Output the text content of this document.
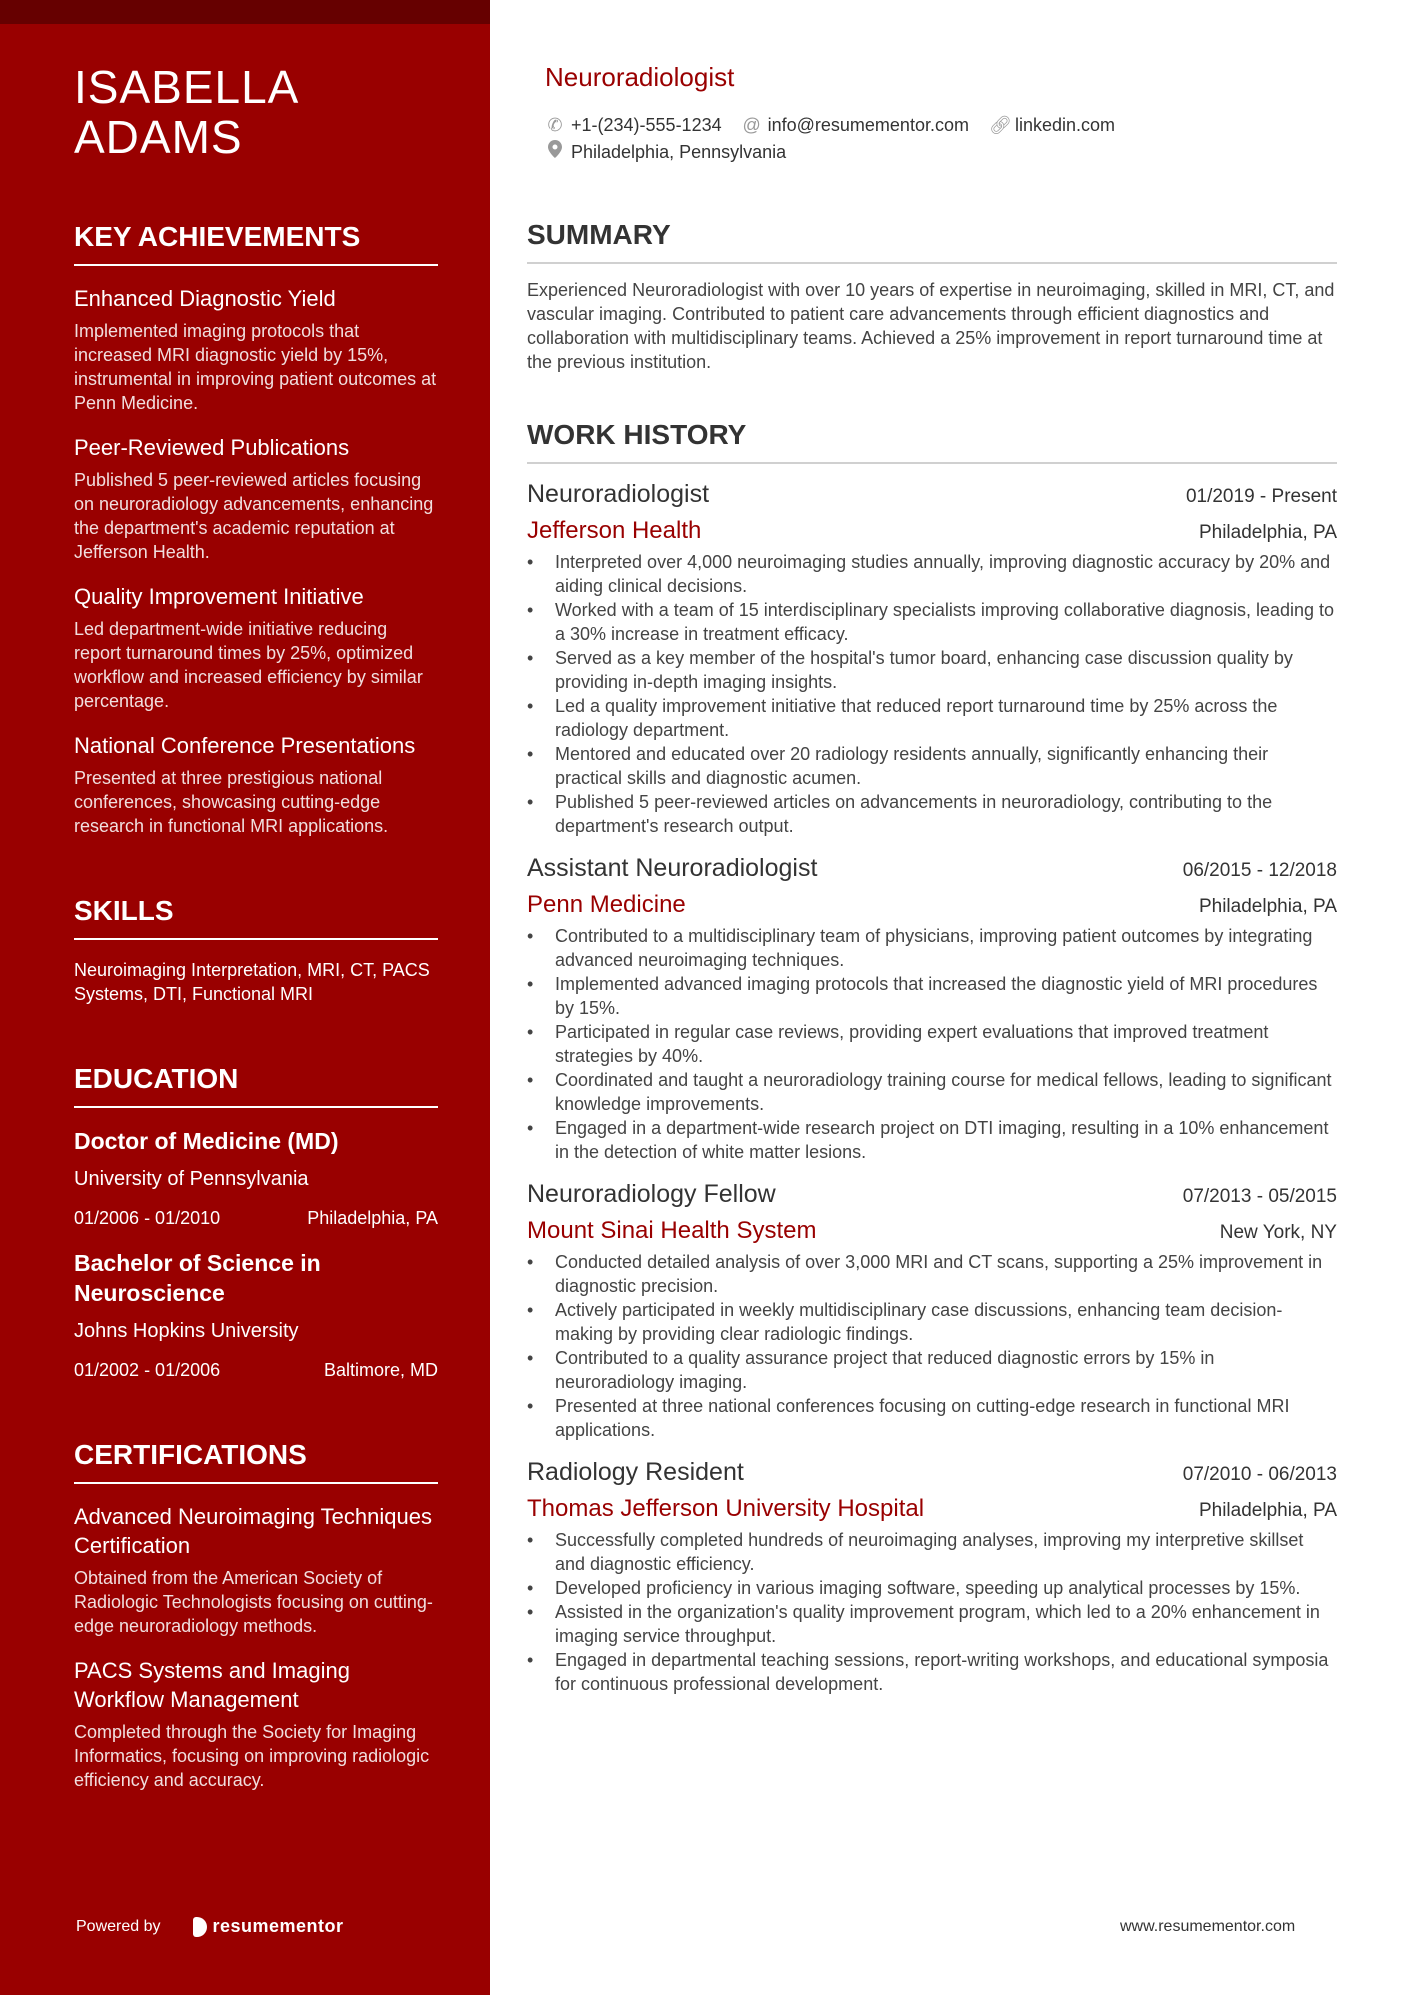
ISABELLA
ADAMS
KEY ACHIEVEMENTS
Enhanced Diagnostic Yield
Implemented imaging protocols that increased MRI diagnostic yield by 15%, instrumental in improving patient outcomes at Penn Medicine.
Peer-Reviewed Publications
Published 5 peer-reviewed articles focusing on neuroradiology advancements, enhancing the department's academic reputation at Jefferson Health.
Quality Improvement Initiative
Led department-wide initiative reducing report turnaround times by 25%, optimized workflow and increased efficiency by similar percentage.
National Conference Presentations
Presented at three prestigious national conferences, showcasing cutting-edge research in functional MRI applications.
SKILLS
Neuroimaging Interpretation, MRI, CT, PACS Systems, DTI, Functional MRI
EDUCATION
Doctor of Medicine (MD)
University of Pennsylvania
01/2006 - 01/2010	Philadelphia, PA
Bachelor of Science in Neuroscience
Johns Hopkins University
01/2002 - 01/2006	Baltimore, MD
CERTIFICATIONS
Advanced Neuroimaging Techniques Certification
Obtained from the American Society of Radiologic Technologists focusing on cutting-edge neuroradiology methods.
PACS Systems and Imaging Workflow Management
Completed through the Society for Imaging Informatics, focusing on improving radiologic efficiency and accuracy.
Powered by	resumementor
Neuroradiologist
✆ +1-(234)-555-1234 @ info@resumementor.com 🔗︎ linkedin.com
Philadelphia, Pennsylvania
SUMMARY
Experienced Neuroradiologist with over 10 years of expertise in neuroimaging, skilled in MRI, CT, and vascular imaging. Contributed to patient care advancements through efficient diagnostics and collaboration with multidisciplinary teams. Achieved a 25% improvement in report turnaround time at the previous institution.
WORK HISTORY
Neuroradiologist	01/2019 - Present
Jefferson Health	Philadelphia, PA
• Interpreted over 4,000 neuroimaging studies annually, improving diagnostic accuracy by 20% and aiding clinical decisions.
• Worked with a team of 15 interdisciplinary specialists improving collaborative diagnosis, leading to a 30% increase in treatment efficacy.
• Served as a key member of the hospital's tumor board, enhancing case discussion quality by providing in-depth imaging insights.
• Led a quality improvement initiative that reduced report turnaround time by 25% across the radiology department.
• Mentored and educated over 20 radiology residents annually, significantly enhancing their practical skills and diagnostic acumen.
• Published 5 peer-reviewed articles on advancements in neuroradiology, contributing to the department's research output.
Assistant Neuroradiologist	06/2015 - 12/2018
Penn Medicine	Philadelphia, PA
• Contributed to a multidisciplinary team of physicians, improving patient outcomes by integrating advanced neuroimaging techniques.
• Implemented advanced imaging protocols that increased the diagnostic yield of MRI procedures by 15%.
• Participated in regular case reviews, providing expert evaluations that improved treatment strategies by 40%.
• Coordinated and taught a neuroradiology training course for medical fellows, leading to significant knowledge improvements.
• Engaged in a department-wide research project on DTI imaging, resulting in a 10% enhancement in the detection of white matter lesions.
Neuroradiology Fellow	07/2013 - 05/2015
Mount Sinai Health System	New York, NY
• Conducted detailed analysis of over 3,000 MRI and CT scans, supporting a 25% improvement in diagnostic precision.
• Actively participated in weekly multidisciplinary case discussions, enhancing team decision-making by providing clear radiologic findings.
• Contributed to a quality assurance project that reduced diagnostic errors by 15% in neuroradiology imaging.
• Presented at three national conferences focusing on cutting-edge research in functional MRI applications.
Radiology Resident	07/2010 - 06/2013
Thomas Jefferson University Hospital	Philadelphia, PA
• Successfully completed hundreds of neuroimaging analyses, improving my interpretive skillset and diagnostic efficiency.
• Developed proficiency in various imaging software, speeding up analytical processes by 15%.
• Assisted in the organization's quality improvement program, which led to a 20% enhancement in imaging service throughput.
• Engaged in departmental teaching sessions, report-writing workshops, and educational symposia for continuous professional development.
www.resumementor.com
